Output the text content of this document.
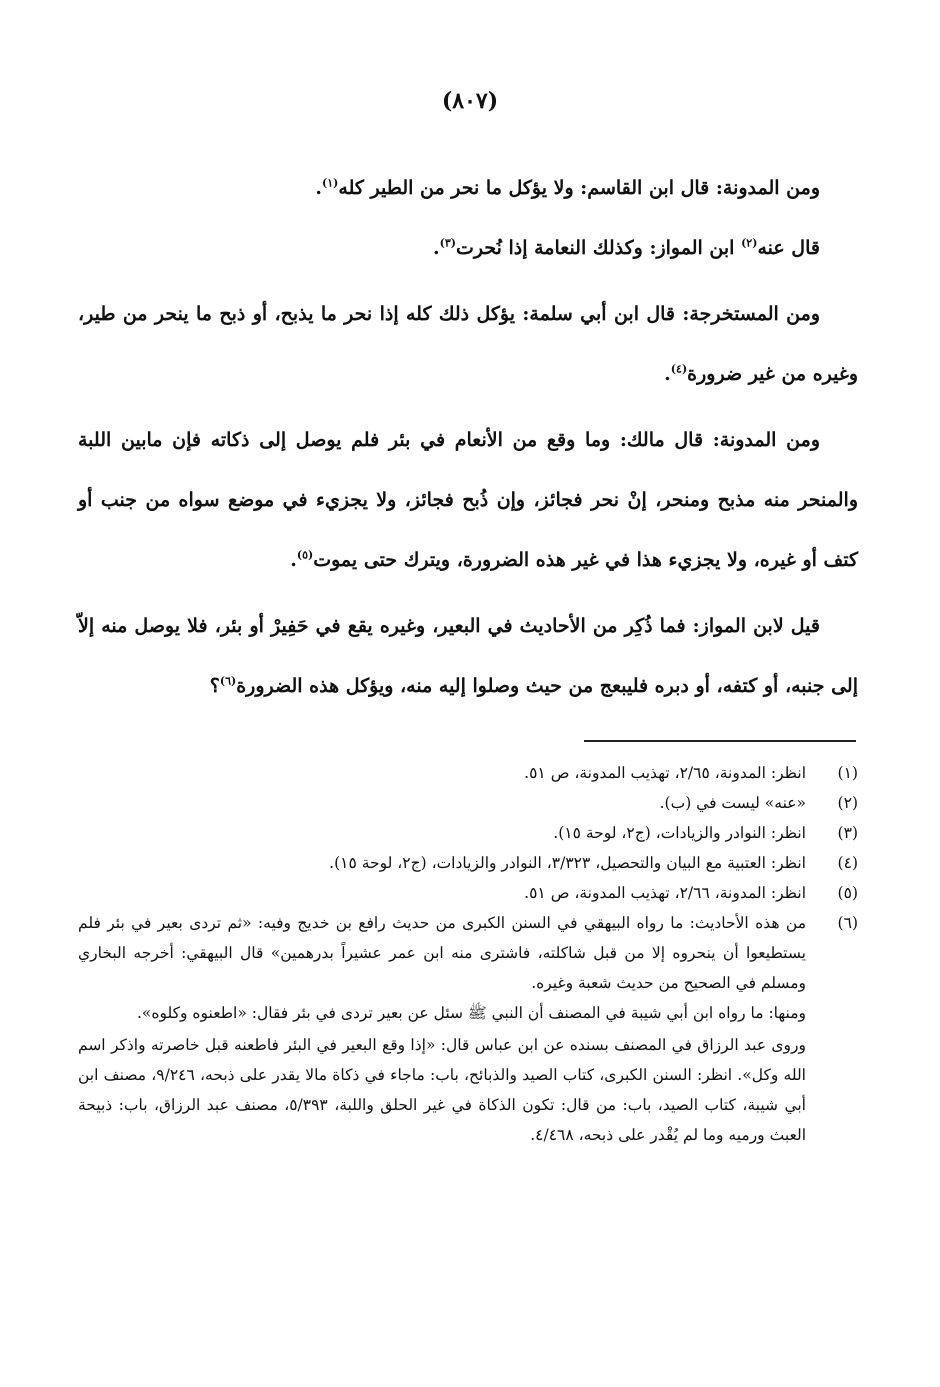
(٨٠٧)

ومن المدونة: قال ابن القاسم: ولا يؤكل ما نحر من الطير كله$^{(١)}$.

قال عنه$^{(٢)}$ ابن المواز: وكذلك النعامة إذا نُحرت$^{(٣)}$.

ومن المستخرجة: قال ابن أبي سلمة: يؤكل ذلك كله إذا نحر ما يذبح، أو ذبح ما ينحر من طير، وغيره من غير ضرورة$^{(٤)}$.

ومن المدونة: قال مالك: وما وقع من الأنعام في بئر فلم يوصل إلى ذكاته فإن مابين اللبة والمنحر منه مذبح ومنحر، إنْ نحر فجائز، وإن ذُبح فجائز، ولا يجزيء في موضع سواه من جنب أو كتف أو غيره، ولا يجزيء هذا في غير هذه الضرورة، ويترك حتى يموت$^{(٥)}$.

قيل لابن المواز: فما ذُكِر من الأحاديث في البعير، وغيره يقع في حَفِيرْ أو بئر، فلا يوصل منه إلاّ إلى جنبه، أو كتفه، أو دبره فليبعج من حيث وصلوا إليه منه، ويؤكل هذه الضرورة$^{(٦)}$؟

(١)
انظر: المدونة، ٢/٦٥، تهذيب المدونة، ص ٥١.
(٢)
«عنه» ليست في (ب).
(٣)
انظر: النوادر والزيادات، (ج٢، لوحة ١٥).
(٤)
انظر: العتبية مع البيان والتحصيل، ٣/٣٢٣، النوادر والزيادات، (ج٢، لوحة ١٥).
(٥)
انظر: المدونة، ٢/٦٦، تهذيب المدونة، ص ٥١.
(٦)
من هذه الأحاديث: ما رواه البيهقي في السنن الكبرى من حديث رافع بن خديج وفيه: «ثم تردى بعير في بئر فلم يستطيعوا أن ينحروه إلا من قبل شاكلته، فاشترى منه ابن عمر عشيراً بدرهمين» قال البيهقي: أخرجه البخاري ومسلم في الصحيح من حديث شعبة وغيره.
ومنها: ما رواه ابن أبي شيبة في المصنف أن النبي ﷺ سئل عن بعير تردى في بئر فقال: «اطعنوه وكلوه».
وروى عبد الرزاق في المصنف بسنده عن ابن عباس قال: «إذا وقع البعير في البئر فاطعنه قبل خاصرته واذكر اسم الله وكل». انظر: السنن الكبرى، كتاب الصيد والذبائح، باب: ماجاء في ذكاة مالا يقدر على ذبحه، ٩/٢٤٦، مصنف ابن أبي شيبة، كتاب الصيد، باب: من قال: تكون الذكاة في غير الحلق واللبة، ٥/٣٩٣، مصنف عبد الرزاق، باب: ذبيحة العبث ورميه وما لم يُقْدر على ذبحه، ٤/٤٦٨.
